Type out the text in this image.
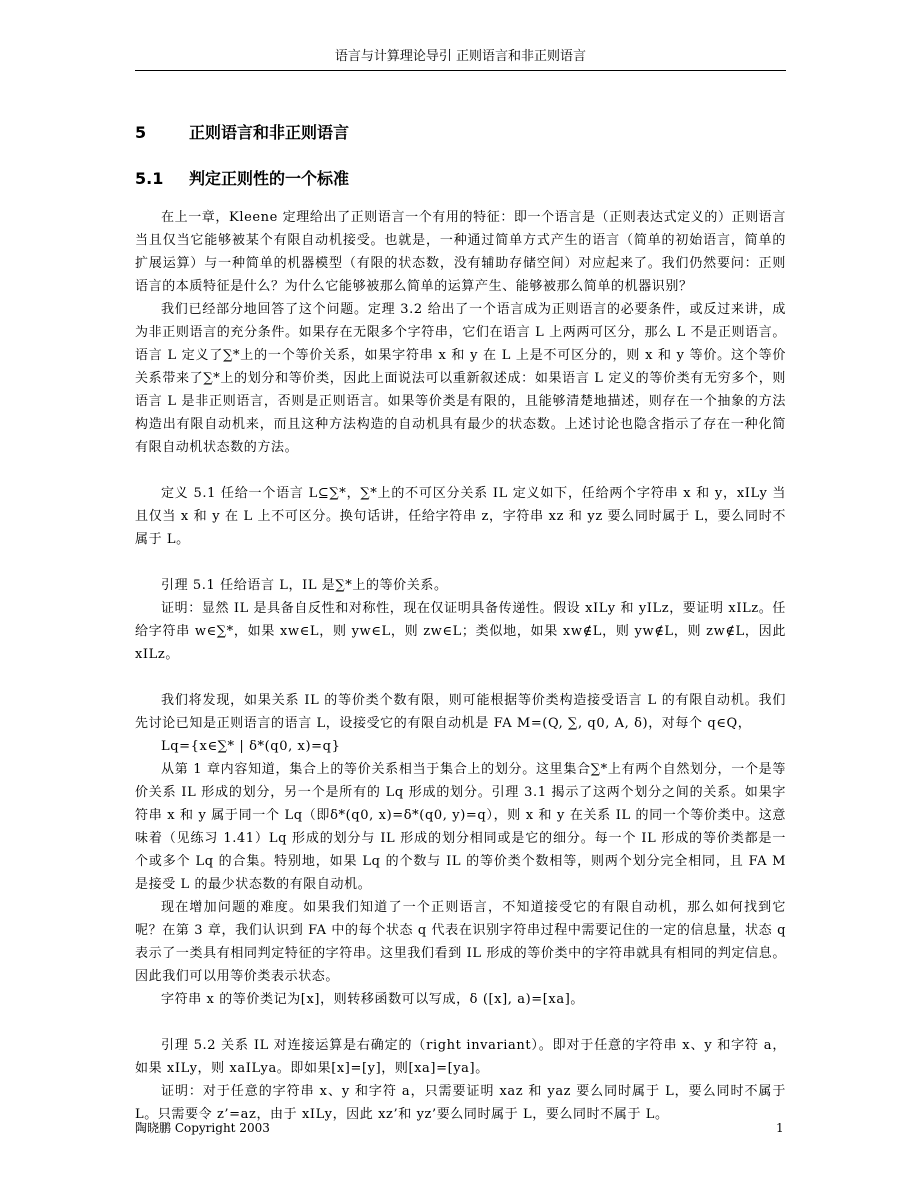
语言与计算理论导引 正则语言和非正则语言
5	正则语言和非正则语言
5.1 判定正则性的一个标准

在上一章，Kleene 定理给出了正则语言一个有用的特征：即一个语言是（正则表达式定义的）正则语言当且仅当它能够被某个有限自动机接受。也就是，一种通过简单方式产生的语言（简单的初始语言，简单的扩展运算）与一种简单的机器模型（有限的状态数，没有辅助存储空间）对应起来了。我们仍然要问：正则语言的本质特征是什么？为什么它能够被那么简单的运算产生、能够被那么简单的机器识别？

我们已经部分地回答了这个问题。定理 3.2 给出了一个语言成为正则语言的必要条件，或反过来讲，成为非正则语言的充分条件。如果存在无限多个字符串，它们在语言 L 上两两可区分，那么 L 不是正则语言。语言 L 定义了∑*上的一个等价关系，如果字符串 x 和 y 在 L 上是不可区分的，则 x 和 y 等价。这个等价关系带来了∑*上的划分和等价类，因此上面说法可以重新叙述成：如果语言 L 定义的等价类有无穷多个，则语言 L 是非正则语言，否则是正则语言。如果等价类是有限的，且能够清楚地描述，则存在一个抽象的方法构造出有限自动机来，而且这种方法构造的自动机具有最少的状态数。上述讨论也隐含指示了存在一种化简有限自动机状态数的方法。

定义 5.1 任给一个语言 L⊆∑*，∑*上的不可区分关系 IL 定义如下，任给两个字符串 x 和 y，xILy 当且仅当 x 和 y 在 L 上不可区分。换句话讲，任给字符串 z，字符串 xz 和 yz 要么同时属于 L，要么同时不属于 L。

引理 5.1 任给语言 L，IL 是∑*上的等价关系。

证明：显然 IL 是具备自反性和对称性，现在仅证明具备传递性。假设 xILy 和 yILz，要证明 xILz。任给字符串 w∈∑*，如果 xw∈L，则 yw∈L，则 zw∈L；类似地，如果 xw∉L，则 yw∉L，则 zw∉L，因此 xILz。

我们将发现，如果关系 IL 的等价类个数有限，则可能根据等价类构造接受语言 L 的有限自动机。我们先讨论已知是正则语言的语言 L，设接受它的有限自动机是 FA M=(Q, ∑, q0, A, δ)，对每个 q∈Q，

Lq={x∈∑* | δ*(q0, x)=q}

从第 1 章内容知道，集合上的等价关系相当于集合上的划分。这里集合∑*上有两个自然划分，一个是等价关系 IL 形成的划分，另一个是所有的 Lq 形成的划分。引理 3.1 揭示了这两个划分之间的关系。如果字符串 x 和 y 属于同一个 Lq（即δ*(q0, x)=δ*(q0, y)=q），则 x 和 y 在关系 IL 的同一个等价类中。这意味着（见练习 1.41）Lq 形成的划分与 IL 形成的划分相同或是它的细分。每一个 IL 形成的等价类都是一个或多个 Lq 的合集。特别地，如果 Lq 的个数与 IL 的等价类个数相等，则两个划分完全相同，且 FA M 是接受 L 的最少状态数的有限自动机。

现在增加问题的难度。如果我们知道了一个正则语言，不知道接受它的有限自动机，那么如何找到它呢？在第 3 章，我们认识到 FA 中的每个状态 q 代表在识别字符串过程中需要记住的一定的信息量，状态 q 表示了一类具有相同判定特征的字符串。这里我们看到 IL 形成的等价类中的字符串就具有相同的判定信息。因此我们可以用等价类表示状态。

字符串 x 的等价类记为[x]，则转移函数可以写成，δ ([x], a)=[xa]。

引理 5.2 关系 IL 对连接运算是右确定的（right invariant）。即对于任意的字符串 x、y 和字符 a，如果 xILy，则 xaILya。即如果[x]=[y]，则[xa]=[ya]。

证明：对于任意的字符串 x、y 和字符 a，只需要证明 xaz 和 yaz 要么同时属于 L，要么同时不属于 L。只需要令 z’=az，由于 xILy，因此 xz’和 yz’要么同时属于 L，要么同时不属于 L。

陶晓鹏 Copyright 2003	1
